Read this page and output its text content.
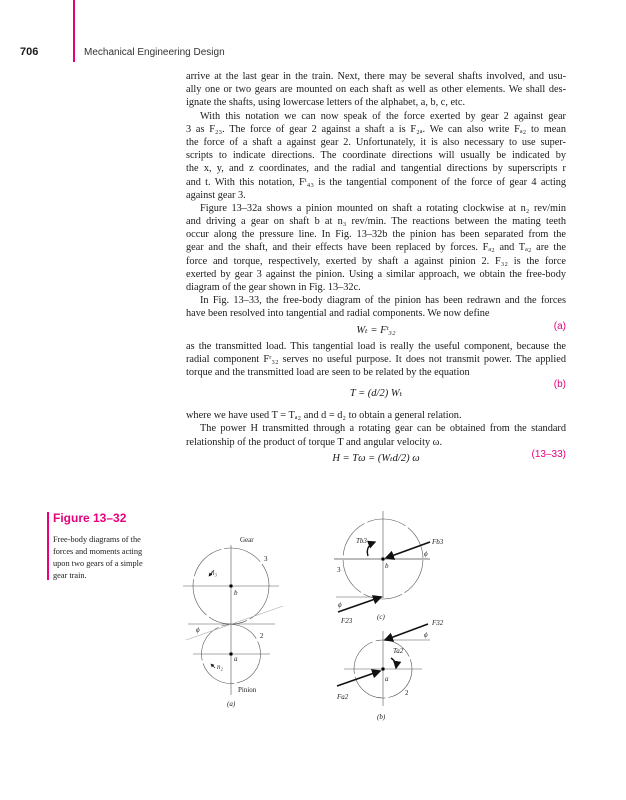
706	Mechanical Engineering Design
arrive at the last gear in the train. Next, there may be several shafts involved, and usu-
ally one or two gears are mounted on each shaft as well as other elements. We shall des-
ignate the shafts, using lowercase letters of the alphabet, a, b, c, etc.
With this notation we can now speak of the force exerted by gear 2 against gear
3 as F₂₃. The force of gear 2 against a shaft a is F₂ₐ. We can also write Fₐ₂ to mean
the force of a shaft a against gear 2. Unfortunately, it is also necessary to use super-
scripts to indicate directions. The coordinate directions will usually be indicated by
the x, y, and z coordinates, and the radial and tangential directions by superscripts r
and t. With this notation, Fᵗ₄₃ is the tangential component of the force of gear 4 acting
against gear 3.
Figure 13–32a shows a pinion mounted on shaft a rotating clockwise at n₂ rev/min
and driving a gear on shaft b at n₃ rev/min. The reactions between the mating teeth
occur along the pressure line. In Fig. 13–32b the pinion has been separated from the
gear and the shaft, and their effects have been replaced by forces. Fₐ₂ and Tₐ₂ are the
force and torque, respectively, exerted by shaft a against pinion 2. F₃₂ is the force
exerted by gear 3 against the pinion. Using a similar approach, we obtain the free-body
diagram of the gear shown in Fig. 13–32c.
In Fig. 13–33, the free-body diagram of the pinion has been redrawn and the forces
have been resolved into tangential and radial components. We now define
Wₜ = Fᵗ₃₂	(a)
as the transmitted load. This tangential load is really the useful component, because the
radial component Fʳ₃₂ serves no useful purpose. It does not transmit power. The applied
torque and the transmitted load are seen to be related by the equation
T = (d/2) Wₜ
(b)
where we have used T = Tₐ₂ and d = d₂ to obtain a general relation.
The power H transmitted through a rotating gear can be obtained from the standard
relationship of the product of torque T and angular velocity ω.
H = Tω = (Wₜd/2) ω	(13–33)
Figure 13–32
Free-body diagrams of the forces and moments acting upon two gears of a simple gear train.
Gear
3
n₃
b
ϕ
2
a
n₂
Pinion
(a)
Tb3	Fb3
ϕ
b
3
ϕ
F23	(c)
F32
ϕ
Ta2
a
Fa2	2
(b)
